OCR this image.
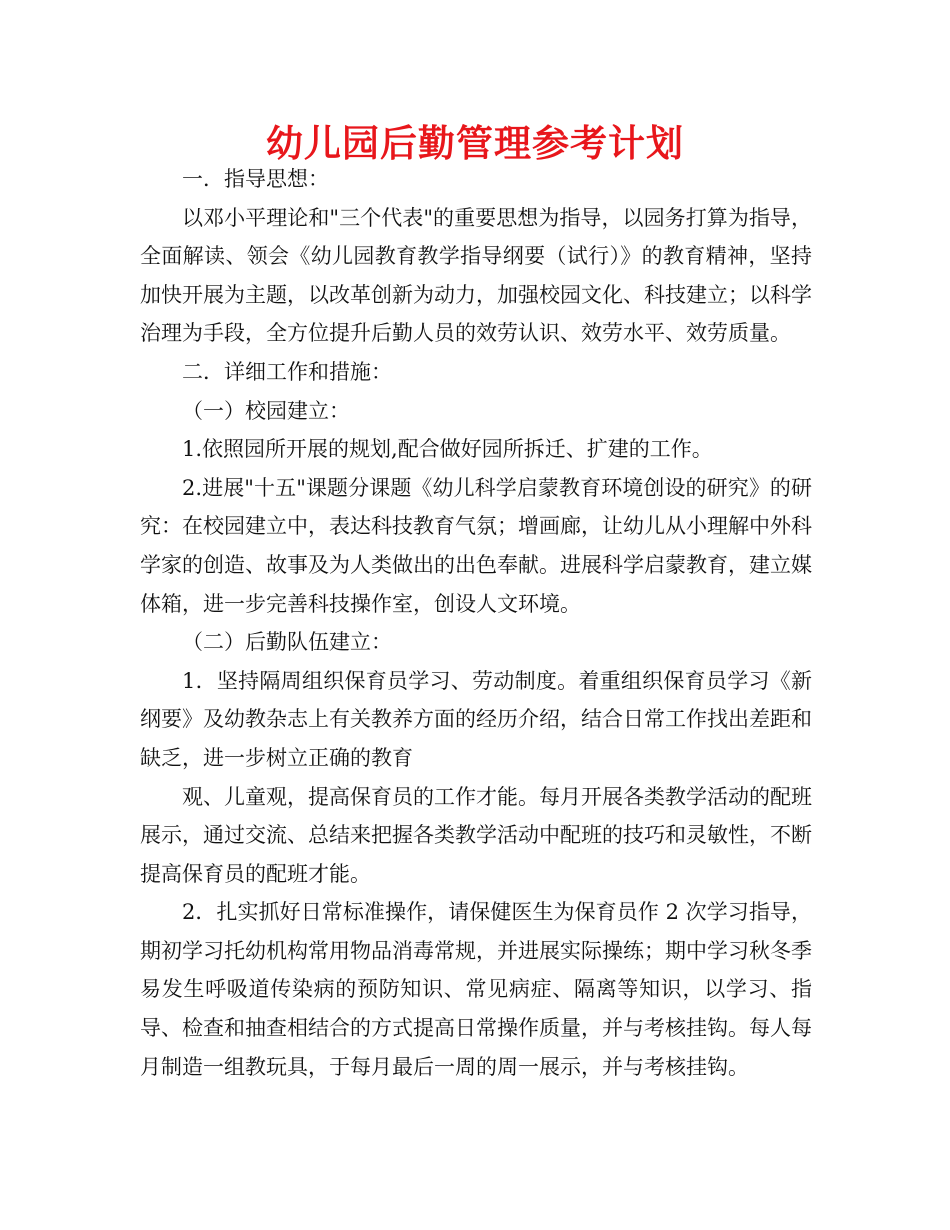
幼儿园后勤管理参考计划

一．指导思想：

以邓小平理论和"三个代表"的重要思想为指导，以园务打算为指导，全面解读、领会《幼儿园教育教学指导纲要（试行）》的教育精神，坚持加快开展为主题，以改革创新为动力，加强校园文化、科技建立；以科学治理为手段，全方位提升后勤人员的效劳认识、效劳水平、效劳质量。

二．详细工作和措施：

（一）校园建立：

1.依照园所开展的规划,配合做好园所拆迁、扩建的工作。

2.进展"十五"课题分课题《幼儿科学启蒙教育环境创设的研究》的研究：在校园建立中，表达科技教育气氛；增画廊，让幼儿从小理解中外科学家的创造、故事及为人类做出的出色奉献。进展科学启蒙教育，建立媒体箱，进一步完善科技操作室，创设人文环境。

（二）后勤队伍建立：

1．坚持隔周组织保育员学习、劳动制度。着重组织保育员学习《新纲要》及幼教杂志上有关教养方面的经历介绍，结合日常工作找出差距和缺乏，进一步树立正确的教育

观、儿童观，提高保育员的工作才能。每月开展各类教学活动的配班展示，通过交流、总结来把握各类教学活动中配班的技巧和灵敏性，不断提高保育员的配班才能。

2．扎实抓好日常标准操作，请保健医生为保育员作 2 次学习指导，期初学习托幼机构常用物品消毒常规，并进展实际操练；期中学习秋冬季易发生呼吸道传染病的预防知识、常见病症、隔离等知识，以学习、指导、检查和抽查相结合的方式提高日常操作质量，并与考核挂钩。每人每月制造一组教玩具，于每月最后一周的周一展示，并与考核挂钩。
